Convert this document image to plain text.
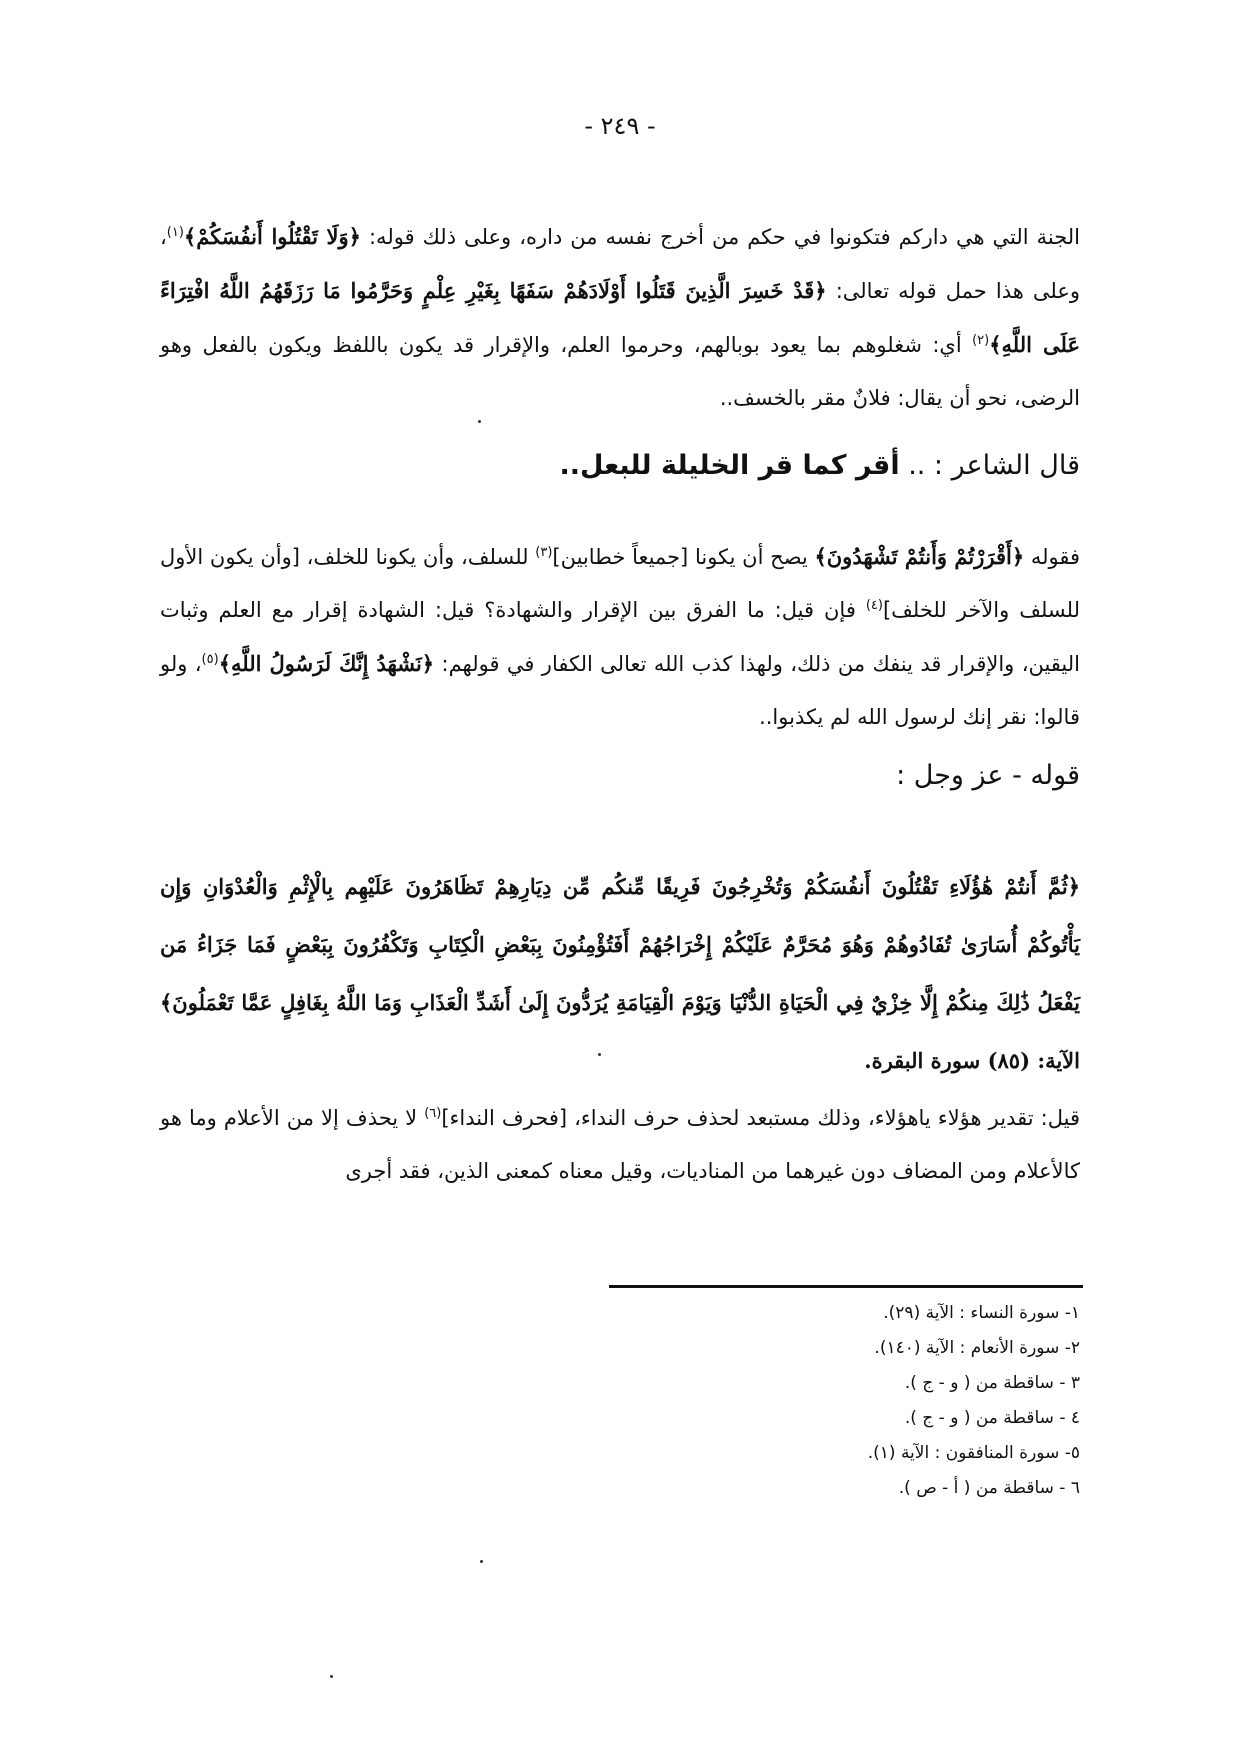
- ٢٤٩ -

الجنة التي هي داركم فتكونوا في حكم من أخرج نفسه من داره، وعلى ذلك قوله: ﴿وَلَا تَقْتُلُوا أَنفُسَكُمْ﴾$^{(١)}$، وعلى هذا حمل قوله تعالى: ﴿قَدْ خَسِرَ الَّذِينَ قَتَلُوا أَوْلَادَهُمْ سَفَهًا بِغَيْرِ عِلْمٍ وَحَرَّمُوا مَا رَزَقَهُمُ اللَّهُ افْتِرَاءً عَلَى اللَّهِ﴾$^{(٢)}$ أي: شغلوهم بما يعود بوبالهم، وحرموا العلم، والإقرار قد يكون باللفظ ويكون بالفعل وهو الرضى، نحو أن يقال: فلانٌ مقر بالخسف..

قال الشاعر : .. أقر كما قر الخليلة للبعل..

فقوله ﴿أَقْرَرْتُمْ وَأَنتُمْ تَشْهَدُونَ﴾ يصح أن يكونا [جميعاً خطابين]$^{(٣)}$ للسلف، وأن يكونا للخلف، [وأن يكون الأول للسلف والآخر للخلف]$^{(٤)}$ فإن قيل: ما الفرق بين الإقرار والشهادة؟ قيل: الشهادة إقرار مع العلم وثبات اليقين، والإقرار قد ينفك من ذلك، ولهذا كذب الله تعالى الكفار في قولهم: ﴿نَشْهَدُ إِنَّكَ لَرَسُولُ اللَّهِ﴾$^{(٥)}$، ولو قالوا: نقر إنك لرسول الله لم يكذبوا..

قوله - عز وجل :
﴿ثُمَّ أَنتُمْ هَٰؤُلَاءِ تَقْتُلُونَ أَنفُسَكُمْ وَتُخْرِجُونَ فَرِيقًا مِّنكُم مِّن دِيَارِهِمْ تَظَاهَرُونَ عَلَيْهِم بِالْإِثْمِ وَالْعُدْوَانِ وَإِن يَأْتُوكُمْ أُسَارَىٰ تُفَادُوهُمْ وَهُوَ مُحَرَّمٌ عَلَيْكُمْ إِخْرَاجُهُمْ أَفَتُؤْمِنُونَ بِبَعْضِ الْكِتَابِ وَتَكْفُرُونَ بِبَعْضٍ فَمَا جَزَاءُ مَن يَفْعَلُ ذَٰلِكَ مِنكُمْ إِلَّا خِزْيٌ فِي الْحَيَاةِ الدُّنْيَا وَيَوْمَ الْقِيَامَةِ يُرَدُّونَ إِلَىٰ أَشَدِّ الْعَذَابِ وَمَا اللَّهُ بِغَافِلٍ عَمَّا تَعْمَلُونَ﴾ الآية: (٨٥) سورة البقرة.

قيل: تقدير هؤلاء ياهؤلاء، وذلك مستبعد لحذف حرف النداء، [فحرف النداء]$^{(٦)}$ لا يحذف إلا من الأعلام وما هو كالأعلام ومن المضاف دون غيرهما من المناديات، وقيل معناه كمعنى الذين، فقد أجرى

١- سورة النساء : الآية (٢٩).
٢- سورة الأنعام : الآية (١٤٠).
٣ - ساقطة من ( و - ج ).
٤ - ساقطة من ( و - ج ).
٥- سورة المنافقون : الآية (١).
٦ - ساقطة من ( أ - ص ).
